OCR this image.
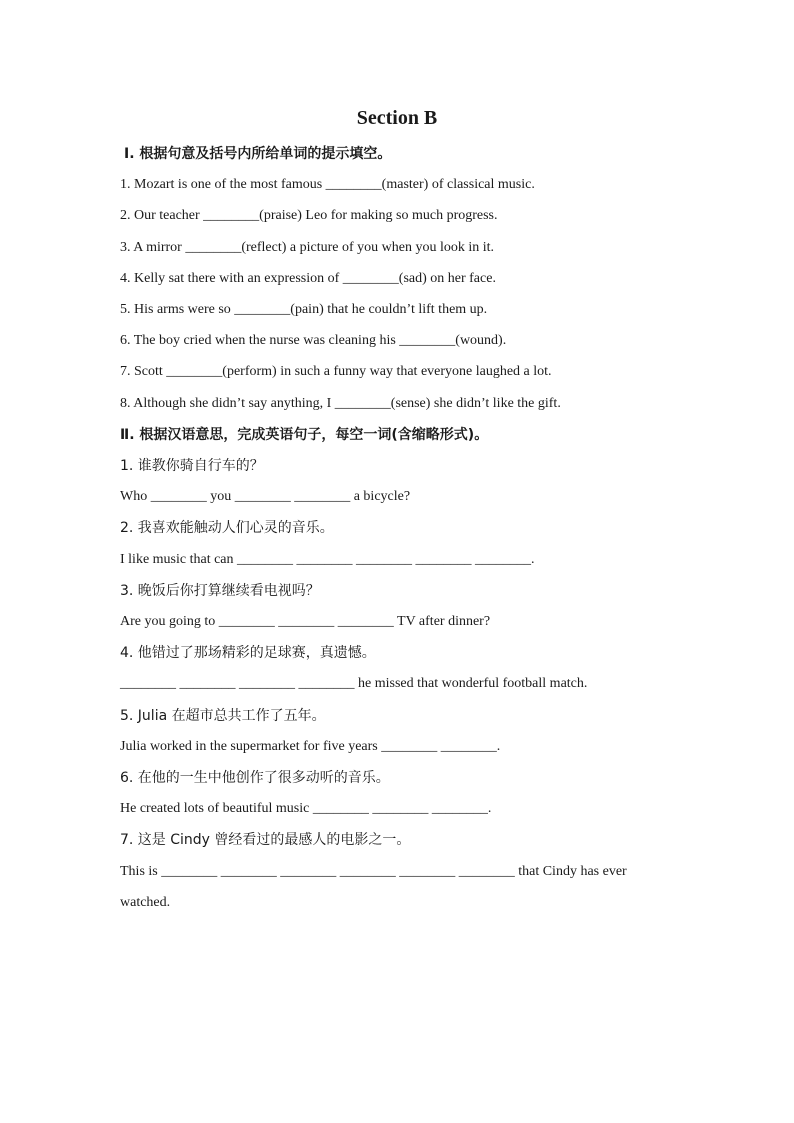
Section B
Ⅰ. 根据句意及括号内所给单词的提示填空。
1. Mozart is one of the most famous ________(master) of classical music.
2. Our teacher ________(praise) Leo for making so much progress.
3. A mirror ________(reflect) a picture of you when you look in it.
4. Kelly sat there with an expression of ________(sad) on her face.
5. His arms were so ________(pain) that he couldn’t lift them up.
6. The boy cried when the nurse was cleaning his ________(wound).
7. Scott ________(perform) in such a funny way that everyone laughed a lot.
8. Although she didn’t say anything, I ________(sense) she didn’t like the gift.
Ⅱ. 根据汉语意思，完成英语句子，每空一词(含缩略形式)。
1. 谁教你骑自行车的？
Who ________ you ________ ________ a bicycle?
2. 我喜欢能触动人们心灵的音乐。
I like music that can ________ ________ ________ ________ ________.
3. 晚饭后你打算继续看电视吗？
Are you going to ________ ________ ________ TV after dinner?
4. 他错过了那场精彩的足球赛，真遗憾。
________ ________ ________ ________ he missed that wonderful football match.
5. Julia 在超市总共工作了五年。
Julia worked in the supermarket for five years ________ ________.
6. 在他的一生中他创作了很多动听的音乐。
He created lots of beautiful music ________ ________ ________.
7. 这是 Cindy 曾经看过的最感人的电影之一。
This is ________ ________ ________ ________ ________ ________ that Cindy has ever
watched.
